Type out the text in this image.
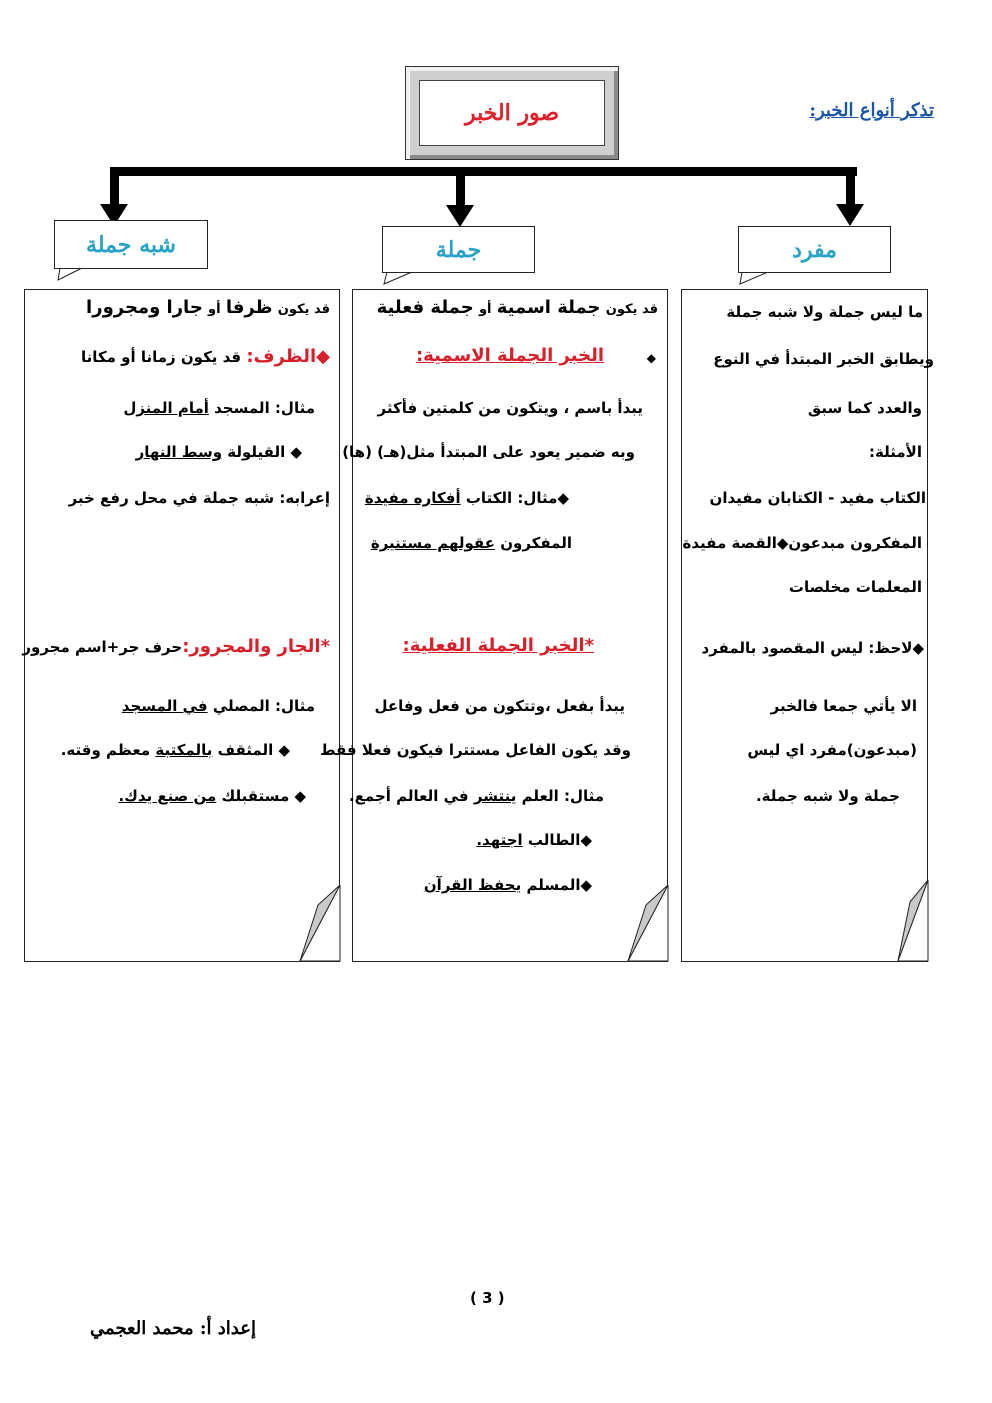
تذكر أنواع الخبر:
صور الخبر
شبه جملة	جملة	مفرد
ما ليس جملة ولا شبه جملة
ويطابق الخبر المبتدأ في النوع
والعدد كما سبق
الأمثلة:
الكتاب مفيد - الكتابان مفيدان
المفكرون مبدعون◆القصة مفيدة
المعلمات مخلصات
◆لاحظ: ليس المقصود بالمفرد
الا يأتي جمعا فالخبر
(مبدعون)مفرد اي ليس
جملة ولا شبه جملة.
قد يكون جملة اسمية أو جملة فعلية
◆
الخبر الجملة الاسمية:
يبدأ باسم ، ويتكون من كلمتين فأكثر
وبه ضمير يعود على المبتدأ مثل(هـ) (ها)
◆مثال: الكتاب أفكاره مفيدة
المفكرون عقولهم مستنيرة
*الخبر الجملة الفعلية:
يبدأ بفعل ،وتتكون من فعل وفاعل
وقد يكون الفاعل مستترا فيكون فعلا فقط
مثال: العلم ينتشر في العالم أجمع.
◆الطالب اجتهد.
◆المسلم يحفظ القرآن
قد يكون ظرفا أو جارا ومجرورا
◆الظرف: قد يكون زمانا أو مكانا
مثال: المسجد أمام المنزل
◆ القيلولة وسط النهار
إعرابه: شبه جملة في محل رفع خبر
*الجار والمجرور:حرف جر+اسم مجرور
مثال: المصلي في المسجد
◆ المثقف بالمكتبة معظم وقته.
◆ مستقبلك من صنع يدك.
( 3 )
إعداد أ: محمد العجمي
